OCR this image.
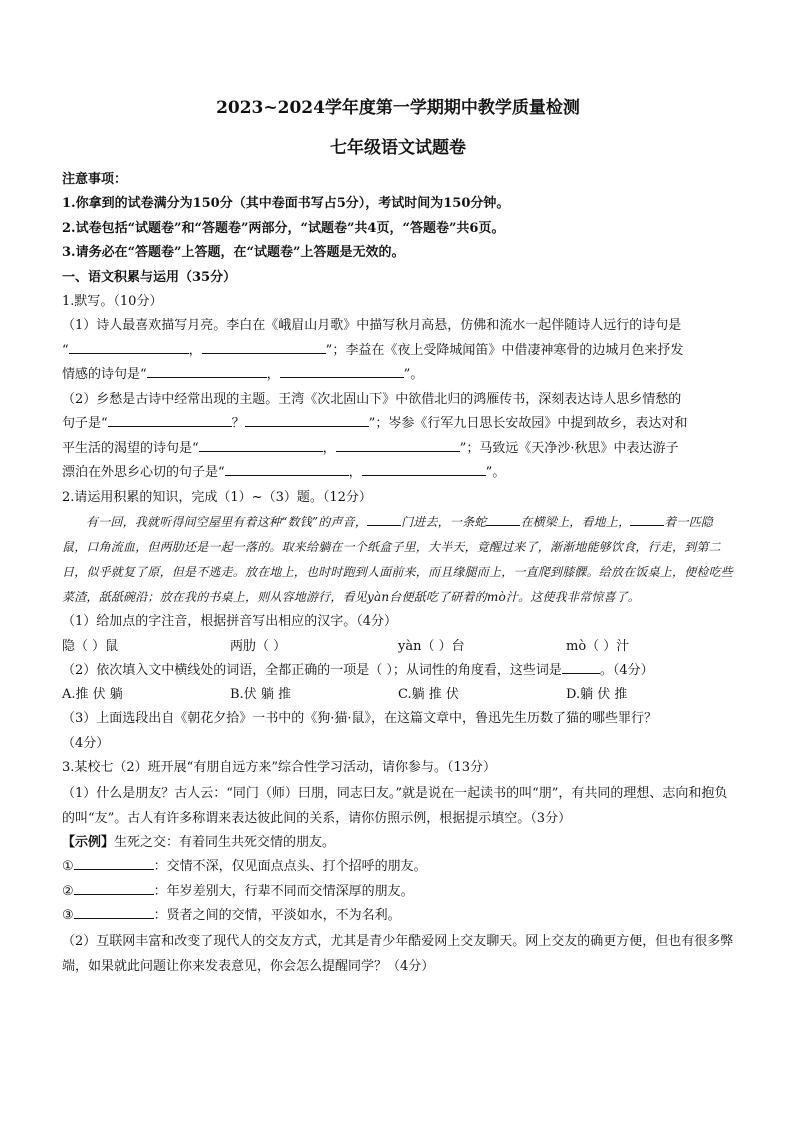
2023~2024学年度第一学期期中教学质量检测
七年级语文试题卷
注意事项：
1.你拿到的试卷满分为150分（其中卷面书写占5分），考试时间为150分钟。
2.试卷包括“试题卷”和“答题卷”两部分，“试题卷”共4页，“答题卷”共6页。
3.请务必在“答题卷”上答题，在“试题卷”上答题是无效的。
一、语文积累与运用（35分）
1.默写。（10分）
（1）诗人最喜欢描写月亮。李白在《峨眉山月歌》中描写秋月高悬，仿佛和流水一起伴随诗人远行的诗句是
“	，	”；李益在《夜上受降城闻笛》中借凄神寒骨的边城月色来抒发
情感的诗句是“	，	”。
（2）乡愁是古诗中经常出现的主题。王湾《次北固山下》中欲借北归的鸿雁传书，深刻表达诗人思乡情愁的
句子是“	？	”；岑参《行军九日思长安故园》中提到故乡，表达对和
平生活的渴望的诗句是“	，	”；马致远《天净沙·秋思》中表达游子
漂泊在外思乡心切的句子是“	，	”。
2.请运用积累的知识，完成（1）~（3）题。（12分）
有一回，我就听得间空屋里有着这种“数钱”的声音，	门进去，一条蛇	在横梁上，看地上，	着一匹隐鼠，口角流血，但两肋还是一起一落的。取来给躺在一个纸盒子里，大半天，竟醒过来了，渐渐地能够饮食，行走，到第二日，似乎就复了原，但是不逃走。放在地上，也时时跑到人面前来，而且缘腿而上，一直爬到膝髁。给放在饭桌上，便检吃些菜渣，舐舐碗沿；放在我的书桌上，则从容地游行，看见yàn台便舐吃了研着的mò汁。这使我非常惊喜了。
（1）给加点的字注音，根据拼音写出相应的汉字。（4分）
隐（ ）鼠	两肋（ ）	yàn（ ）台	mò（ ）汁
（2）依次填入文中横线处的词语，全都正确的一项是（ ）；从词性的角度看，这些词是	。（4分）
A.推 伏 躺	B.伏 躺 推	C.躺 推 伏	D.躺 伏 推
（3）上面选段出自《朝花夕拾》一书中的《狗·猫·鼠》，在这篇文章中，鲁迅先生历数了猫的哪些罪行？
（4分）
3.某校七（2）班开展“有朋自远方来”综合性学习活动，请你参与。（13分）
（1）什么是朋友？古人云：“同门（师）曰朋，同志曰友。”就是说在一起读书的叫“朋”，有共同的理想、志向和抱负的叫“友”。古人有许多称谓来表达彼此间的关系，请你仿照示例，根据提示填空。（3分）
【示例】生死之交：有着同生共死交情的朋友。
①	：交情不深，仅见面点点头、打个招呼的朋友。
②	：年岁差别大，行辈不同而交情深厚的朋友。
③	：贤者之间的交情，平淡如水，不为名利。
（2）互联网丰富和改变了现代人的交友方式，尤其是青少年酷爱网上交友聊天。网上交友的确更方便，但也有很多弊端，如果就此问题让你来发表意见，你会怎么提醒同学？（4分）
